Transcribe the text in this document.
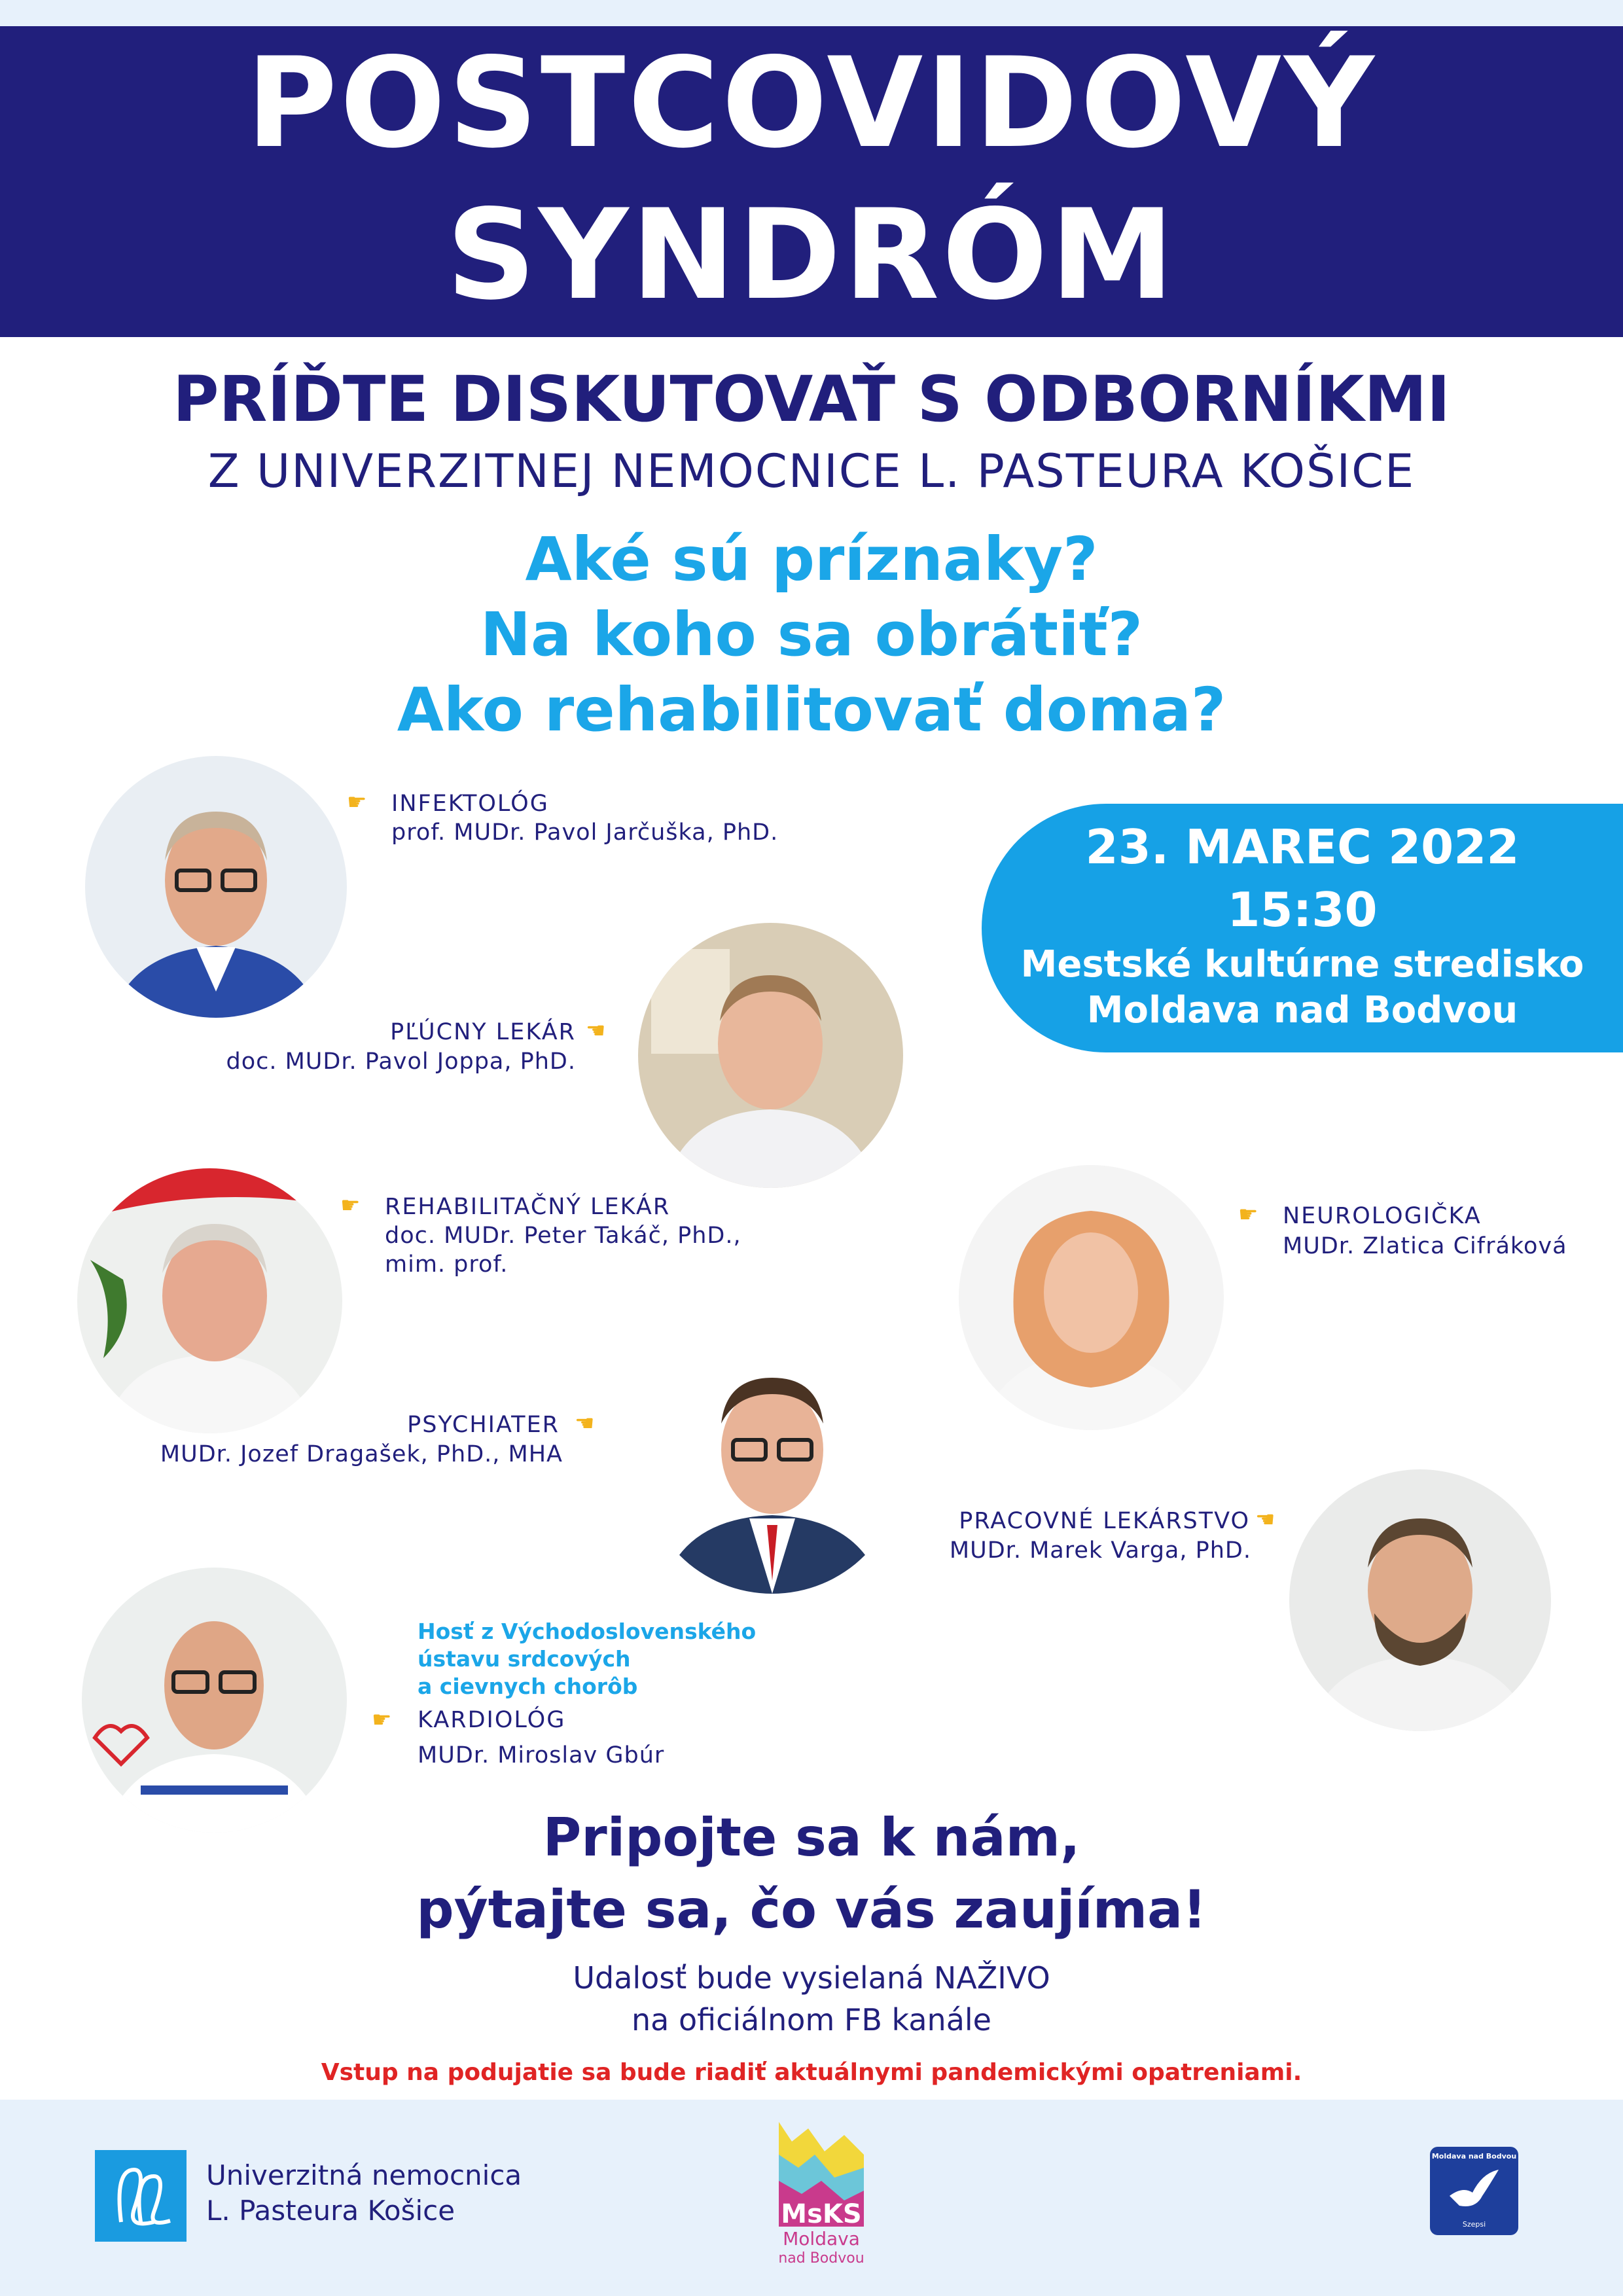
POSTCOVIDOVÝ
SYNDRÓM
PRÍĎTE DISKUTOVAŤ S ODBORNÍKMI
Z UNIVERZITNEJ NEMOCNICE L. PASTEURA KOŠICE
Aké sú príznaky?
Na koho sa obrátiť?
Ako rehabilitovať doma?
23. MAREC 2022
15:30
Mestské kultúrne stredisko
Moldava nad Bodvou
☛ INFEKTOLÓG
prof. MUDr. Pavol Jarčuška, PhD.
PĽÚCNY LEKÁR ☚
doc. MUDr. Pavol Joppa, PhD.
☛ REHABILITAČNÝ LEKÁR
doc. MUDr. Peter Takáč, PhD.,
mim. prof.
☛ NEUROLOGIČKA
MUDr. Zlatica Cifráková
PSYCHIATER ☚
MUDr. Jozef Dragašek, PhD., MHA
PRACOVNÉ LEKÁRSTVO ☚
MUDr. Marek Varga, PhD.
Hosť z Východoslovenského
ústavu srdcových
a cievnych chorôb
☛ KARDIOLÓG
MUDr. Miroslav Gbúr
Pripojte sa k nám,
pýtajte sa, čo vás zaujíma!
Udalosť bude vysielaná NAŽIVO
na oficiálnom FB kanále
Vstup na podujatie sa bude riadiť aktuálnymi pandemickými opatreniami.
Univerzitná nemocnica
L. Pasteura Košice	MsKS
Moldava
nad Bodvou
Moldava nad Bodvou
Szepsi
